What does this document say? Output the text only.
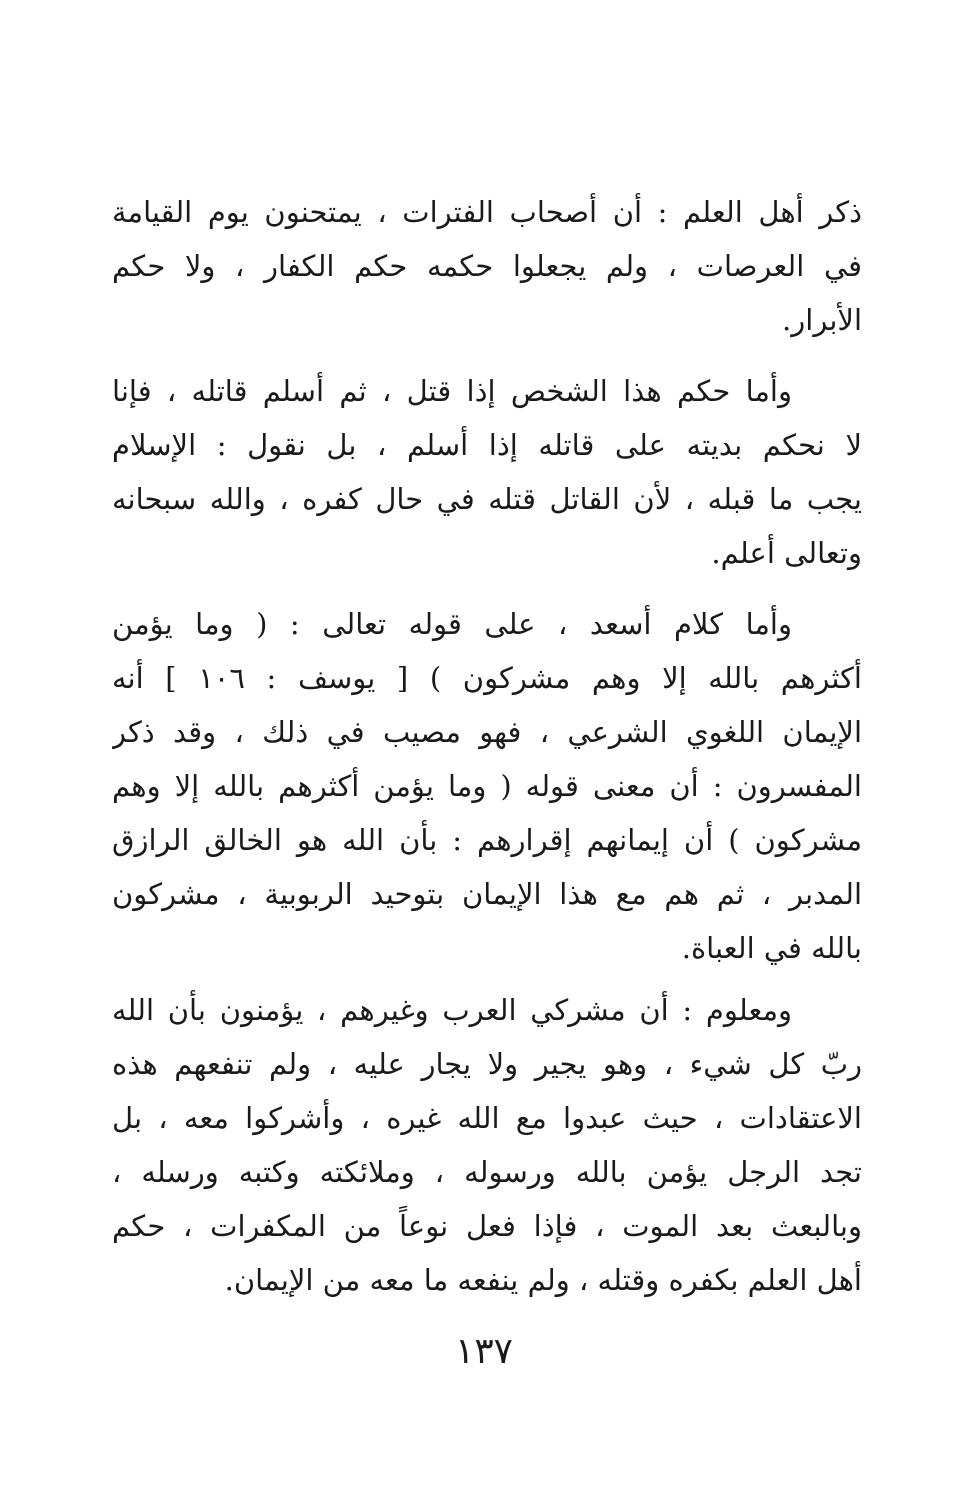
ذكر أهل العلم : أن أصحاب الفترات ، يمتحنون يوم القيامة
في العرصات ، ولم يجعلوا حكمه حكم الكفار ، ولا حكم
الأبرار.
وأما حكم هذا الشخص إذا قتل ، ثم أسلم قاتله ، فإنا
لا نحكم بديته على قاتله إذا أسلم ، بل نقول : الإسلام
يجب ما قبله ، لأن القاتل قتله في حال كفره ، والله سبحانه
وتعالى أعلم.
وأما كلام أسعد ، على قوله تعالى : ( وما يؤمن
أكثرهم بالله إلا وهم مشركون ) [ يوسف : ١٠٦ ] أنه
الإيمان اللغوي الشرعي ، فهو مصيب في ذلك ، وقد ذكر
المفسرون : أن معنى قوله ( وما يؤمن أكثرهم بالله إلا وهم
مشركون ) أن إيمانهم إقرارهم : بأن الله هو الخالق الرازق
المدبر ، ثم هم مع هذا الإيمان بتوحيد الربوبية ، مشركون
بالله في العباة.
ومعلوم : أن مشركي العرب وغيرهم ، يؤمنون بأن الله
ربّ كل شيء ، وهو يجير ولا يجار عليه ، ولم تنفعهم هذه
الاعتقادات ، حيث عبدوا مع الله غيره ، وأشركوا معه ، بل
تجد الرجل يؤمن بالله ورسوله ، وملائكته وكتبه ورسله ،
وبالبعث بعد الموت ، فإذا فعل نوعاً من المكفرات ، حكم
أهل العلم بكفره وقتله ، ولم ينفعه ما معه من الإيمان.
١٣٧
